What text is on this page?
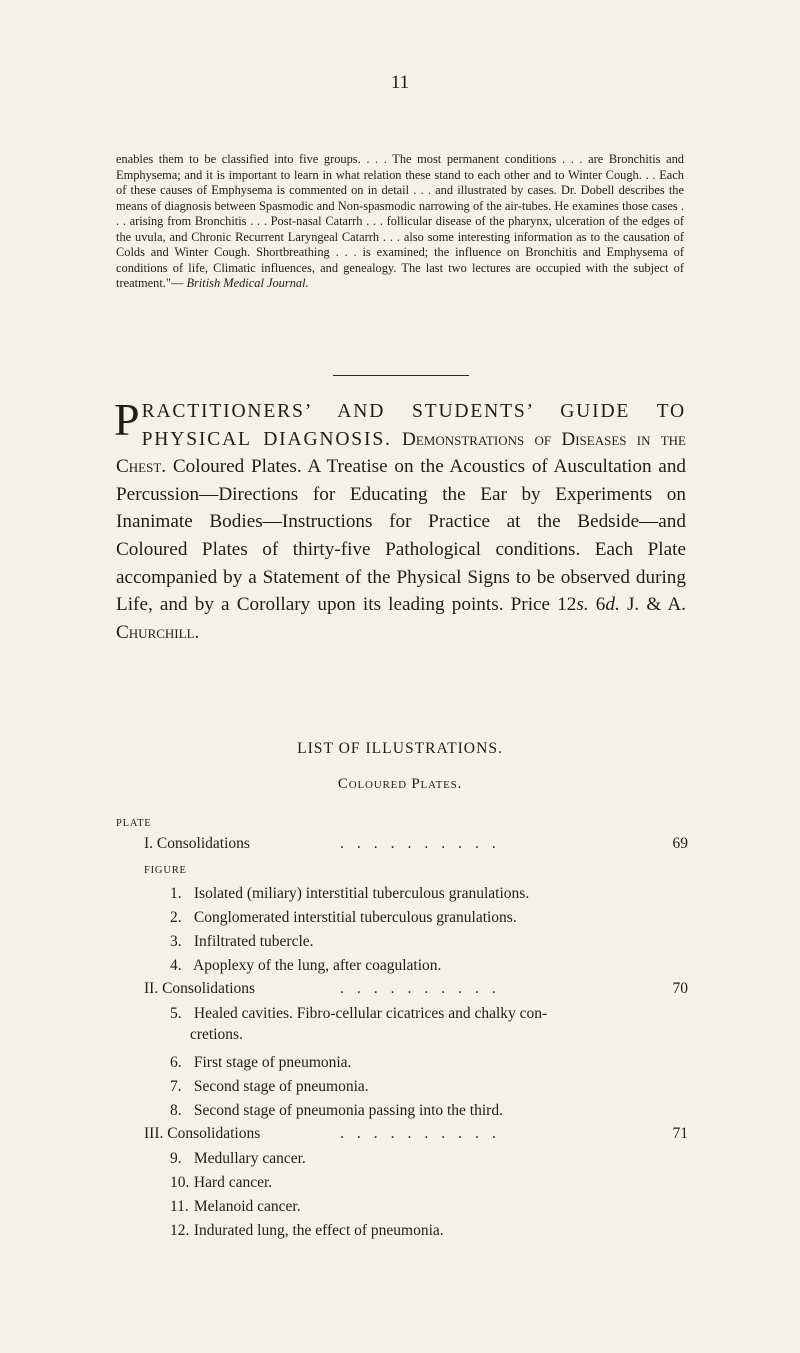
11
enables them to be classified into five groups. . . . The most permanent conditions . . . are Bronchitis and Emphysema; and it is important to learn in what relation these stand to each other and to Winter Cough. . . Each of these causes of Emphysema is commented on in detail . . . and illustrated by cases. Dr. Dobell describes the means of diagnosis between Spasmodic and Non-spasmodic narrowing of the air-tubes. He examines those cases . . . arising from Bronchitis . . . Post-nasal Catarrh . . . follicular disease of the pharynx, ulceration of the edges of the uvula, and Chronic Recurrent Laryngeal Catarrh . . . also some interesting information as to the causation of Colds and Winter Cough. Shortbreathing . . . is examined; the influence on Bronchitis and Emphysema of conditions of life, Climatic influences, and genealogy. The last two lectures are occupied with the subject of treatment."— British Medical Journal.
PRACTITIONERS’ AND STUDENTS’ GUIDE TO PHYSICAL DIAGNOSIS. Demonstrations of Diseases in the Chest. Coloured Plates. A Treatise on the Acoustics of Auscultation and Percussion—Directions for Educating the Ear by Experiments on Inanimate Bodies—Instructions for Practice at the Bedside—and Coloured Plates of thirty-five Pathological conditions. Each Plate accompanied by a Statement of the Physical Signs to be observed during Life, and by a Corollary upon its leading points. Price 12s. 6d. J. & A. Churchill.
LIST OF ILLUSTRATIONS.
Coloured Plates.
PLATE
I. Consolidations	..........	69
FIGURE
1. Isolated (miliary) interstitial tuberculous granulations.
2. Conglomerated interstitial tuberculous granulations.
3. Infiltrated tubercle.
4. Apoplexy of the lung, after coagulation.
II. Consolidations	..........	70
5. Healed cavities. Fibro-cellular cicatrices and chalky con-
cretions.
6. First stage of pneumonia.
7. Second stage of pneumonia.
8. Second stage of pneumonia passing into the third.
III. Consolidations	..........	71
9. Medullary cancer.
10. Hard cancer.
11. Melanoid cancer.
12. Indurated lung, the effect of pneumonia.
